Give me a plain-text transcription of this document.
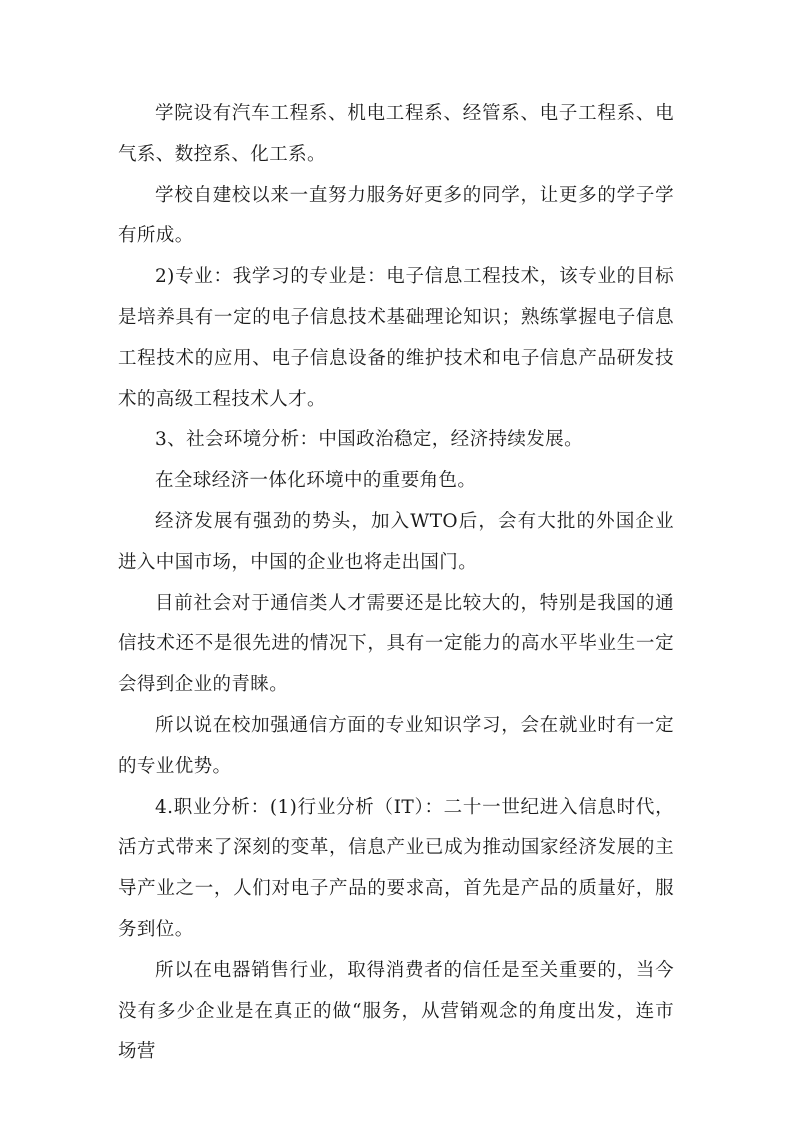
学院设有汽车工程系、机电工程系、经管系、电子工程系、电气系、数控系、化工系。

学校自建校以来一直努力服务好更多的同学，让更多的学子学有所成。

2)专业：我学习的专业是：电子信息工程技术，该专业的目标是培养具有一定的电子信息技术基础理论知识；熟练掌握电子信息工程技术的应用、电子信息设备的维护技术和电子信息产品研发技术的高级工程技术人才。

3、社会环境分析：中国政治稳定，经济持续发展。

在全球经济一体化环境中的重要角色。

经济发展有强劲的势头，加入WTO后，会有大批的外国企业进入中国市场，中国的企业也将走出国门。

目前社会对于通信类人才需要还是比较大的，特别是我国的通信技术还不是很先进的情况下，具有一定能力的高水平毕业生一定会得到企业的青睐。

所以说在校加强通信方面的专业知识学习，会在就业时有一定的专业优势。

4.职业分析：(1)行业分析（IT）：二十一世纪进入信息时代，活方式带来了深刻的变革，信息产业已成为推动国家经济发展的主导产业之一，人们对电子产品的要求高，首先是产品的质量好，服务到位。

所以在电器销售行业，取得消费者的信任是至关重要的，当今没有多少企业是在真正的做“服务，从营销观念的角度出发，连市场营
